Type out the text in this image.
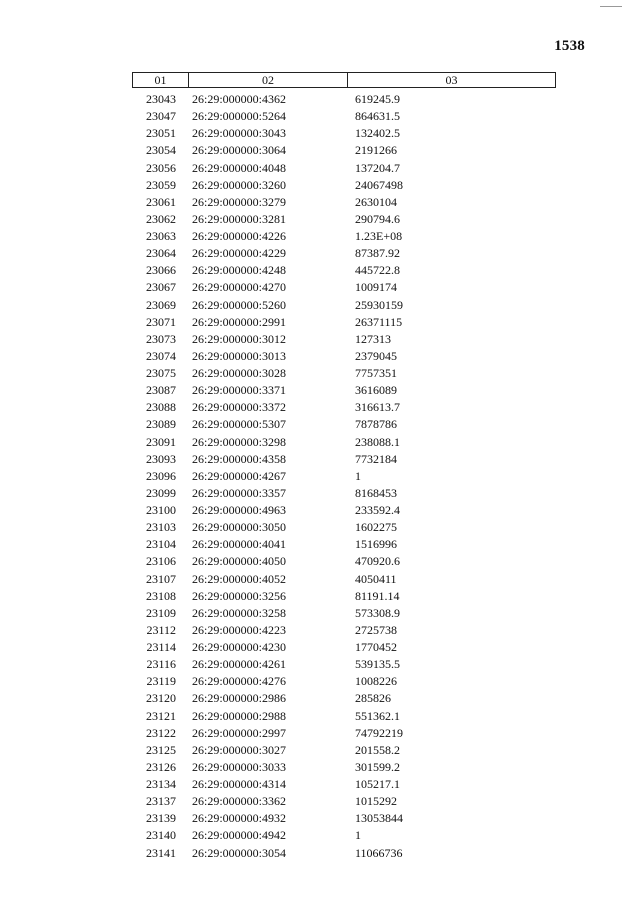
1538
01	02	03
23043 26:29:000000:4362	619245.9
23047 26:29:000000:5264	864631.5
23051 26:29:000000:3043	132402.5
23054 26:29:000000:3064	2191266
23056 26:29:000000:4048	137204.7
23059 26:29:000000:3260	24067498
23061 26:29:000000:3279	2630104
23062 26:29:000000:3281	290794.6
23063 26:29:000000:4226	1.23E+08
23064 26:29:000000:4229	87387.92
23066 26:29:000000:4248	445722.8
23067 26:29:000000:4270	1009174
23069 26:29:000000:5260	25930159
23071 26:29:000000:2991	26371115
23073 26:29:000000:3012	127313
23074 26:29:000000:3013	2379045
23075 26:29:000000:3028	7757351
23087 26:29:000000:3371	3616089
23088 26:29:000000:3372	316613.7
23089 26:29:000000:5307	7878786
23091 26:29:000000:3298	238088.1
23093 26:29:000000:4358	7732184
23096 26:29:000000:4267	1
23099 26:29:000000:3357	8168453
23100 26:29:000000:4963	233592.4
23103 26:29:000000:3050	1602275
23104 26:29:000000:4041	1516996
23106 26:29:000000:4050	470920.6
23107 26:29:000000:4052	4050411
23108 26:29:000000:3256	81191.14
23109 26:29:000000:3258	573308.9
23112 26:29:000000:4223	2725738
23114 26:29:000000:4230	1770452
23116 26:29:000000:4261	539135.5
23119 26:29:000000:4276	1008226
23120 26:29:000000:2986	285826
23121 26:29:000000:2988	551362.1
23122 26:29:000000:2997	74792219
23125 26:29:000000:3027	201558.2
23126 26:29:000000:3033	301599.2
23134 26:29:000000:4314	105217.1
23137 26:29:000000:3362	1015292
23139 26:29:000000:4932	13053844
23140 26:29:000000:4942	1
23141 26:29:000000:3054	11066736
